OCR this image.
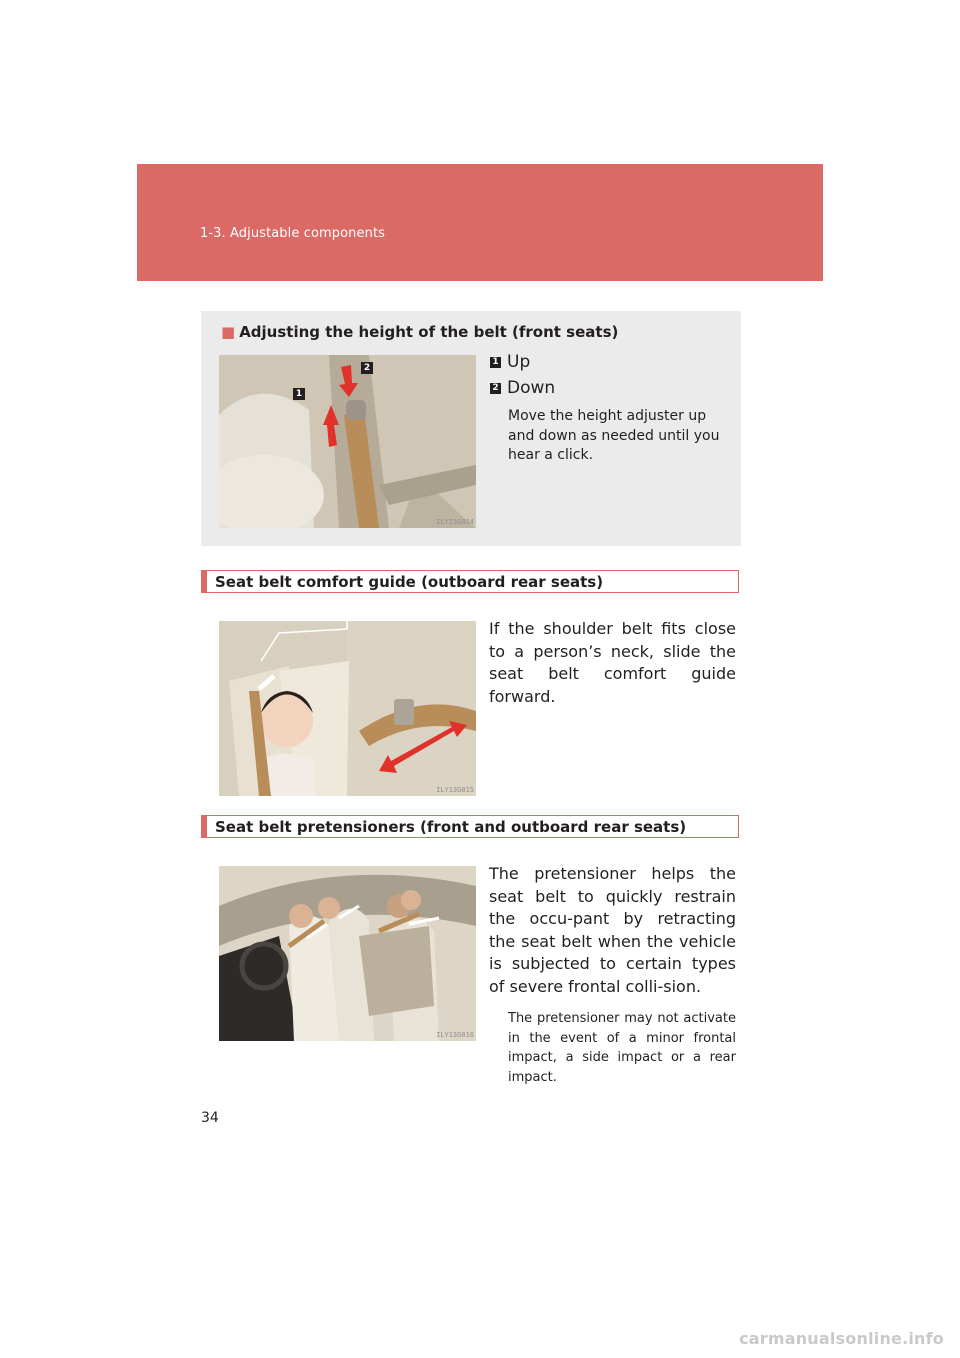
1-3. Adjustable components
■ Adjusting the height of the belt (front seats)
ILY13G014
1
2
1 Up
2 Down
Move the height adjuster up and down as needed until you hear a click.
Seat belt comfort guide (outboard rear seats)
ILY13G015
If the shoulder belt fits close to a person’s neck, slide the seat belt comfort guide forward.
Seat belt pretensioners (front and outboard rear seats)
ILY13G016
The pretensioner helps the seat belt to quickly restrain the occu-pant by retracting the seat belt when the vehicle is subjected to certain types of severe frontal colli-sion.
The pretensioner may not activate in the event of a minor frontal impact, a side impact or a rear impact.
34
carmanualsonline.info
